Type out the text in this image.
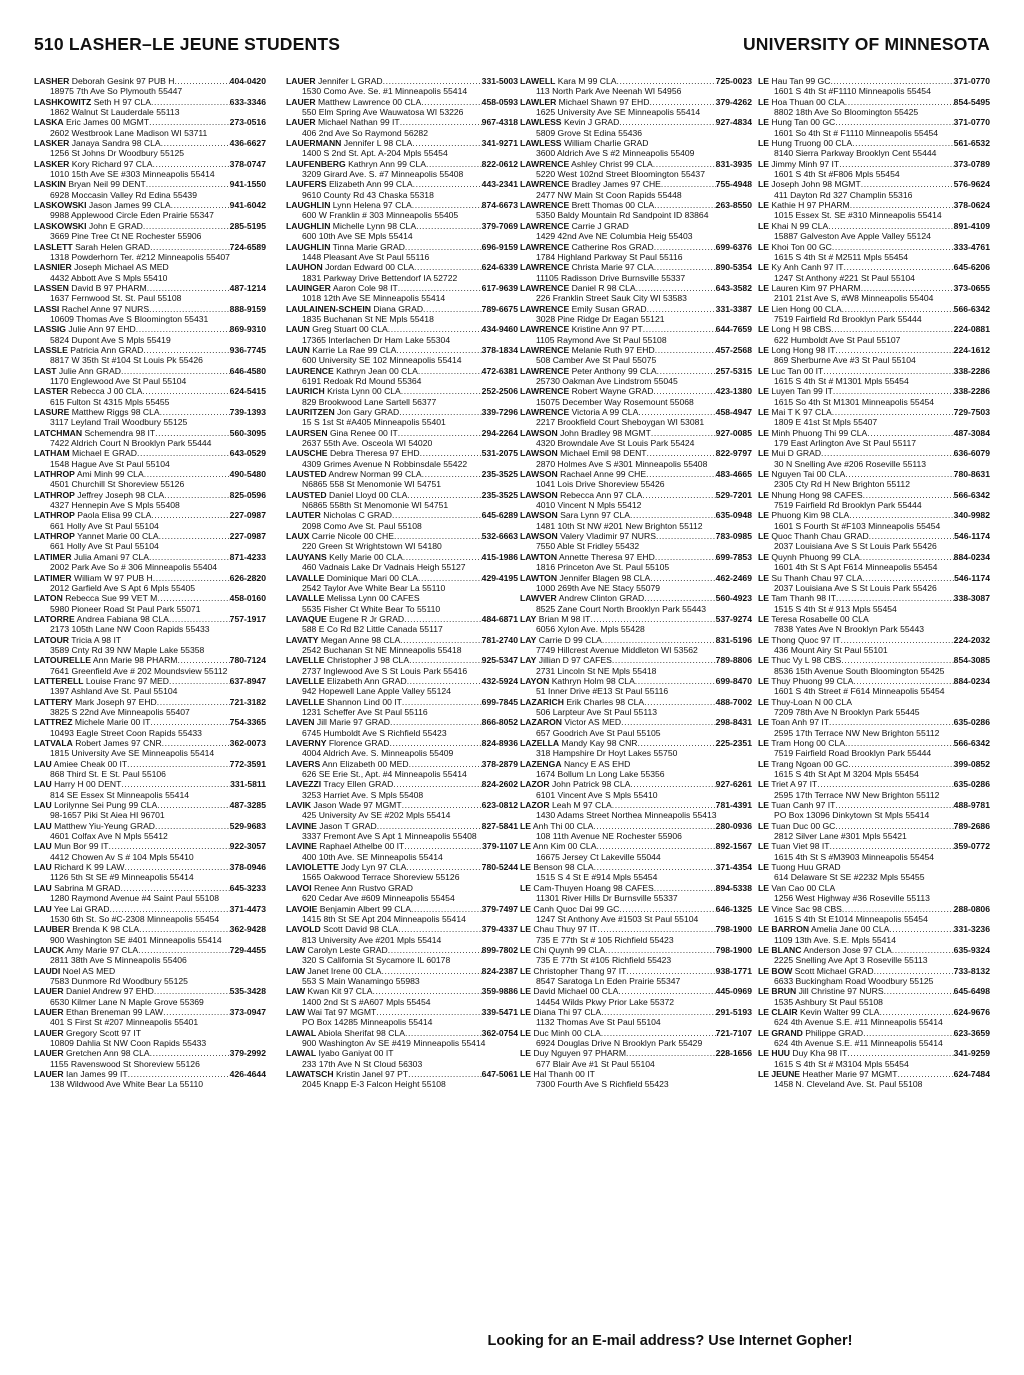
510 LASHER–LE JEUNE STUDENTS	UNIVERSITY OF MINNESOTA
LASHER Deborah Gesink 97 PUB H .....	404-0420
18975 7th Ave So Plymouth 55447
LASHKOWITZ Seth H 97 CLA .....	633-3346
1862 Walnut St Lauderdale 55113
LASKA Eric James 00 MGMT .....	273-0516
2602 Westbrook Lane Madison WI 53711
LASKER Janaya Sandra 98 CLA .....	436-6627
1256 St Johns Dr Woodbury 55125
LASKER Kory Richard 97 CLA .....	378-0747
1010 15th Ave SE #303 Minneapolis 55414
LASKIN Bryan Neil 99 DENT .....	941-1550
6928 Moccasin Valley Rd Edina 55439
LASKOWSKI Jason James 99 CLA .....	941-6042
9988 Applewood Circle Eden Prairie 55347
LASKOWSKI John E GRAD .....	285-5195
3669 Pine Tree Ct NE Rochester 55906
LASLETT Sarah Helen GRAD .....	724-6589
1318 Powderhorn Ter. #212 Minneapolis 55407
LASNIER Joseph Michael AS MED
4432 Abbott Ave S Mpls 55410
LASSEN David B 97 PHARM .....	487-1214
1637 Fernwood St. St. Paul 55108
LASSI Rachel Anne 97 NURS .....	888-9159
10609 Thomas Ave S Bloomington 55431
LASSIG Julie Ann 97 EHD .....	869-9310
5824 Dupont Ave S Mpls 55419
LASSLE Patricia Ann GRAD .....	936-7745
8817 W 35th St #104 St Louis Pk 55426
LAST Julie Ann GRAD .....	646-4580
1170 Englewood Ave St Paul 55104
LASTER Rebecca J 00 CLA .....	624-5415
615 Fulton St 4315 Mpls 55455
LASURE Matthew Riggs 98 CLA .....	739-1393
3117 Leyland Trail Woodbury 55125
LATCHMAN Schemendra 98 IT .....	560-3095
7422 Aldrich Court N Brooklyn Park 55444
LATHAM Michael E GRAD .....	643-0529
1548 Hague Ave St Paul 55104
LATHROP Ami Minh 99 CLA .....	490-5480
4501 Churchill St Shoreview 55126
LATHROP Jeffrey Joseph 98 CLA .....	825-0596
4327 Hennepin Ave S Mpls 55408
LATHROP Paola Elisa 99 CLA .....	227-0987
661 Holly Ave St Paul 55104
LATHROP Yannet Marie 00 CLA .....	227-0987
661 Holly Ave St Paul 55104
LATIMER Julia Amani 97 CLA .....	871-4233
2002 Park Ave So # 306 Minneapolis 55404
LATIMER William W 97 PUB H .....	626-2820
2012 Garfield Ave S Apt 6 Mpls 55405
LATON Rebecca Sue 99 VET M .....	458-0160
5980 Pioneer Road St Paul Park 55071
LATORRE Andrea Fabiana 98 CLA .....	757-1917
2173 105th Lane NW Coon Rapids 55433
LATOUR Tricia A 98 IT
3589 Cnty Rd 39 NW Maple Lake 55358
LATOURELLE Ann Marie 98 PHARM .....	780-7124
7641 Greenfield Ave # 202 Moundsview 55112
LATTERELL Louise Franc 97 MED .....	637-8947
1397 Ashland Ave St. Paul 55104
LATTERY Mark Joseph 97 EHD .....	721-3182
3825 S 22nd Ave Minneapolis 55407
LATTREZ Michele Marie 00 IT .....	754-3365
10493 Eagle Street Coon Rapids 55433
LATVALA Robert James 97 CNR .....	362-0073
1815 University Ave SE Minneapolis 55414
LAU Amiee Cheak 00 IT .....	772-3591
868 Third St. E St. Paul 55106
LAU Harry H 00 DENT .....	331-5811
814 SE Essex St Minneapolis 55414
LAU Lorilynne Sei Pung 99 CLA .....	487-3285
98-1657 Piki St Aiea HI 96701
LAU Matthew Yiu-Yeung GRAD .....	529-9683
4601 Colfax Ave N Mpls 55412
LAU Mun Bor 99 IT .....	922-3057
4412 Chowen Av S # 104 Mpls 55410
LAU Richard K 99 LAW .....	378-0946
1126 5th St SE #9 Minneapolis 55414
LAU Sabrina M GRAD .....	645-3233
1280 Raymond Avenue #4 Saint Paul 55108
LAU Yee Lai GRAD .....	371-4473
1530 6th St. So #C-2308 Minneapolis 55454
LAUBER Brenda K 98 CLA .....	362-9428
900 Washington SE #401 Minneapolis 55414
LAUCK Amy Marie 97 CLA .....	729-4455
2811 38th Ave S Minneapolis 55406
LAUDI Noel AS MED
7583 Dunmore Rd Woodbury 55125
LAUER Daniel Andrew 97 EHD .....	535-3428
6530 Kilmer Lane N Maple Grove 55369
LAUER Ethan Breneman 99 LAW .....	373-0947
401 S First St #207 Minneapolis 55401
LAUER Gregory Scott 97 IT
10809 Dahlia St NW Coon Rapids 55433
LAUER Gretchen Ann 98 CLA .....	379-2992
1155 Ravenswood St Shoreview 55126
LAUER Ian James 99 IT .....	426-4644
138 Wildwood Ave White Bear La 55110
LAUER Jennifer L GRAD .....	331-5003
1530 Como Ave. Se. #1 Minneapolis 55414
LAUER Matthew Lawrence 00 CLA .....	458-0593
550 Elm Spring Ave Wauwatosa WI 53226
LAUER Michael Nathan 99 IT .....	967-4318
406 2nd Ave So Raymond 56282
LAUERMANN Jennifer L 98 CLA .....	341-9271
1400 S 2nd St. Apt. A-204 Mpls 55454
LAUFENBERG Kathryn Ann 99 CLA .....	822-0612
3209 Girard Ave. S. #7 Minneapolis 55408
LAUFERS Elizabeth Ann 99 CLA .....	443-2341
9610 County Rd 43 Chaska 55318
LAUGHLIN Lynn Helena 97 CLA .....	874-6673
600 W Franklin # 303 Minneapolis 55405
LAUGHLIN Michelle Lynn 98 CLA .....	379-7069
600 10th Ave SE Mpls 55414
LAUGHLIN Tinna Marie GRAD .....	696-9159
1448 Pleasant Ave St Paul 55116
LAUHON Jordan Edward 00 CLA .....	624-6339
1831 Parkway Drive Bettendorf IA 52722
LAUINGER Aaron Cole 98 IT .....	617-9639
1018 12th Ave SE Minneapolis 55414
LAULAINEN-SCHEIN Diana GRAD .....	789-6675
1835 Buchanan St NE Mpls 55418
LAUN Greg Stuart 00 CLA .....	434-9460
17365 Interlachen Dr Ham Lake 55304
LAUN Karrie La Rae 99 CLA .....	378-1834
600 University SE 102 Minneapolis 55414
LAURENCE Kathryn Jean 00 CLA .....	472-6381
6191 Redoak Rd Mound 55364
LAURICH Krista Lynn 00 CLA .....	252-2506
829 Brookwood Lane Sartell 56377
LAURITZEN Jon Gary GRAD .....	339-7296
15 S 1st St #A405 Minneapolis 55401
LAURSEN Gina Renee 00 IT .....	294-2264
2637 55th Ave. Osceola WI 54020
LAUSCHE Debra Theresa 97 EHD .....	531-2075
4309 Grimes Avenue N Robbinsdale 55422
LAUSTED Andrew Norman 99 CLA .....	235-3525
N6865 558 St Menomonie WI 54751
LAUSTED Daniel Lloyd 00 CLA .....	235-3525
N6865 558th St Menomonie WI 54751
LAUTER Nicholas C GRAD .....	645-6289
2098 Como Ave St. Paul 55108
LAUX Carrie Nicole 00 CHE .....	532-6663
220 Green St Wrightstown WI 54180
LAUYANS Kelly Marie 00 CLA .....	415-1986
460 Vadnais Lake Dr Vadnais Heigh 55127
LAVALLE Dominique Mari 00 CLA .....	429-4195
2542 Taylor Ave White Bear La 55110
LAVALLE Melissa Lynn 00 CAFES
5535 Fisher Ct White Bear To 55110
LAVAQUE Eugene R Jr GRAD .....	484-6871
588 E Co Rd B2 Little Canada 55117
LAVATY Megan Anne 98 CLA .....	781-2740
2542 Buchanan St NE Minneapolis 55418
LAVELLE Christopher J 98 CLA .....	925-5347
2737 Inglewood Ave S St Louis Park 55416
LAVELLE Elizabeth Ann GRAD .....	432-5924
942 Hopewell Lane Apple Valley 55124
LAVELLE Shannon Lind 00 IT .....	699-7845
1231 Scheffer Ave St Paul 55116
LAVEN Jill Marie 97 GRAD .....	866-8052
6745 Humboldt Ave S Richfield 55423
LAVERNY Florence GRAD .....	824-8936
4004 Aldrich Ave. S. Minneapolis 55409
LAVERS Ann Elizabeth 00 MED .....	378-2879
626 SE Erie St., Apt. #4 Minneapolis 55414
LAVEZZI Tracy Ellen GRAD .....	824-2602
3253 Harriet Ave. S Mpls 55408
LAVIK Jason Wade 97 MGMT .....	623-0812
425 University Av SE #202 Mpls 55414
LAVINE Jason T GRAD .....	827-5841
3337 Fremont Ave S Apt 1 Minneapolis 55408
LAVINE Raphael Athelbe 00 IT .....	379-1107
400 10th Ave. SE Minneapolis 55414
LAVIOLETTE Jody Lyn 97 CLA .....	780-5244
1565 Oakwood Terrace Shoreview 55126
LAVOI Renee Ann Rustvo GRAD
620 Cedar Ave #609 Minneapolis 55454
LAVOIE Benjamin Albert 99 CLA .....	379-7497
1415 8th St SE Apt 204 Minneapolis 55414
LAVOLD Scott David 98 CLA .....	379-4337
813 University Ave #201 Mpls 55414
LAW Carolyn Leste GRAD .....	899-7802
320 S California St Sycamore IL 60178
LAW Janet Irene 00 CLA .....	824-2387
553 S Main Wanamingo 55983
LAW Kwan Kit 97 CLA .....	359-9886
1400 2nd St S #A607 Mpls 55454
LAW Wai Tat 97 MGMT .....	339-5471
PO Box 14285 Minneapolis 55414
LAWAL Abiola Sherifat 98 CLA .....	362-0754
900 Washington Av SE #419 Minneapolis 55414
LAWAL Iyabo Ganiyat 00 IT
233 17th Ave N St Cloud 56303
LAWATSCH Kristin Janel 97 PT .....	647-5061
2045 Knapp E-3 Falcon Height 55108
LAWELL Kara M 99 CLA .....	725-0023
113 North Park Ave Neenah WI 54956
LAWLER Michael Shawn 97 EHD .....	379-4262
1625 University Ave SE Minneapolis 55414
LAWLESS Kevin J GRAD .....	927-4834
5809 Grove St Edina 55436
LAWLESS William Charlie GRAD
3600 Aldrich Ave S #2 Minneapolis 55409
LAWRENCE Ashley Christ 99 CLA .....	831-3935
5220 West 102nd Street Bloomington 55437
LAWRENCE Bradley James 97 CHE .....	755-4948
2477 NW Main St Coon Rapids 55448
LAWRENCE Brett Thomas 00 CLA .....	263-8550
5350 Baldy Mountain Rd Sandpoint ID 83864
LAWRENCE Carrie J GRAD
1429 42nd Ave NE Columbia Heig 55403
LAWRENCE Catherine Ros GRAD .....	699-6376
1784 Highland Parkway St Paul 55116
LAWRENCE Christa Marie 97 CLA .....	890-5354
11105 Radisson Drive Burnsville 55337
LAWRENCE Daniel R 98 CLA .....	643-3582
226 Franklin Street Sauk City WI 53583
LAWRENCE Emily Susan GRAD .....	331-3387
3028 Pine Ridge Dr Eagan 55121
LAWRENCE Kristine Ann 97 PT .....	644-7659
1105 Raymond Ave St Paul 55108
LAWRENCE Melanie Ruth 97 EHD .....	457-2568
508 Camber Ave St Paul 55075
LAWRENCE Peter Anthony 99 CLA .....	257-5315
25730 Oakman Ave Lindstrom 55045
LAWRENCE Robert Wayne GRAD .....	423-1380
15075 December Way Rosemount 55068
LAWRENCE Victoria A 99 CLA .....	458-4947
2217 Brookfield Court Sheboygan WI 53081
LAWSON John Bradley 98 MGMT .....	927-0085
4320 Browndale Ave St Louis Park 55424
LAWSON Michael Emil 98 DENT .....	822-9797
2870 Holmes Ave S #301 Minneapolis 55408
LAWSON Rachael Anne 99 CHE .....	483-4665
1041 Lois Drive Shoreview 55426
LAWSON Rebecca Ann 97 CLA .....	529-7201
4010 Vincent N Mpls 55412
LAWSON Sara Lynn 97 CLA .....	635-0948
1481 10th St NW #201 New Brighton 55112
LAWSON Valery Vladimir 97 NURS .....	783-0985
7550 Able St Fridley 55432
LAWTON Annette Theresa 97 EHD .....	699-7853
1816 Princeton Ave St. Paul 55105
LAWTON Jennifer Blagen 98 CLA .....	462-2469
1000 269th Ave NE Stacy 55079
LAWVER Andrew Clinton GRAD .....	560-4923
8525 Zane Court North Brooklyn Park 55443
LAY Brian M 98 IT .....	537-9274
6056 Xylon Ave. Mpls 55428
LAY Carrie D 99 CLA .....	831-5196
7749 Hillcrest Avenue Middleton WI 53562
LAY Jillian D 97 CAFES .....	789-8806
2731 Lincoln St NE Mpls 55418
LAYON Kathryn Holm 98 CLA .....	699-8470
51 Inner Drive #E13 St Paul 55116
LAZARICH Erik Charles 98 CLA .....	488-7002
506 Larpteur Ave St Paul 55113
LAZARON Victor AS MED .....	298-8431
657 Goodrich Ave St Paul 55105
LAZELLA Mandy Kay 98 CNR .....	225-2351
318 Hampshire Dr Hoyt Lakes 55750
LAZENGA Nancy E AS EHD
1674 Bollum Ln Long Lake 55356
LAZOR John Patrick 98 CLA .....	927-6261
6101 Vincent Ave S Mpls 55410
LAZOR Leah M 97 CLA .....	781-4391
1430 Adams Street Northea Minneapolis 55413
LE Anh Thi 00 CLA .....	280-0936
108 11th Avenue NE Rochester 55906
LE Ann Kim 00 CLA .....	892-1567
16675 Jersey Ct Lakeville 55044
LE Benson 98 CLA .....	371-4354
1515 S 4 St E #914 Mpls 55454
LE Cam-Thuyen Hoang 98 CAFES .....	894-5338
11301 River Hills Dr Burnsville 55337
LE Canh Quoc Dai 99 GC .....	646-1325
1247 St Anthony Ave #1503 St Paul 55104
LE Chau Thuy 97 IT .....	798-1900
735 E 77th St # 105 Richfield 55423
LE Chi Quynh 99 CLA .....	798-1900
735 E 77th St #105 Richfield 55423
LE Christopher Thang 97 IT .....	938-1771
8547 Saratoga Ln Eden Prairie 55347
LE David Michael 00 CLA .....	445-0969
14454 Wilds Pkwy Prior Lake 55372
LE Diana Thi 97 CLA .....	291-5193
1132 Thomas Ave St Paul 55104
LE Duc Minh 00 CLA .....	721-7107
6924 Douglas Drive N Brooklyn Park 55429
LE Duy Nguyen 97 PHARM .....	228-1656
677 Blair Ave #1 St Paul 55104
LE Hal Thanh 00 IT
7300 Fourth Ave S Richfield 55423
LE Hau Tan 99 GC .....	371-0770
1601 S 4th St #F1110 Minneapolis 55454
LE Hoa Thuan 00 CLA .....	854-5495
8802 18th Ave So Bloomington 55425
LE Hung Tan 00 GC .....	371-0770
1601 So 4th St # F1110 Minneapolis 55454
LE Hung Truong 00 CLA .....	561-6532
8140 Sierra Parkway Brooklyn Cent 55444
LE Jimmy Minh 97 IT .....	373-0789
1601 S 4th St #F806 Mpls 55454
LE Joseph John 98 MGMT .....	576-9624
411 Dayton Rd 327 Champlin 55316
LE Kathie H 97 PHARM .....	378-0624
1015 Essex St. SE #310 Minneapolis 55414
LE Khai N 99 CLA .....	891-4109
15887 Galveston Ave Apple Valley 55124
LE Khoi Ton 00 GC .....	333-4761
1615 S 4th St # M2511 Mpls 55454
LE Ky Anh Canh 97 IT .....	645-6206
1247 St Anthony #221 St Paul 55104
LE Lauren Kim 97 PHARM .....	373-0655
2101 21st Ave S, #W8 Minneapolis 55404
LE Lien Hong 00 CLA .....	566-6342
7519 Fairfield Rd Brooklyn Park 55444
LE Long H 98 CBS .....	224-0881
622 Humboldt Ave St Paul 55107
LE Long Hong 98 IT .....	224-1612
869 Sherburne Ave #3 St Paul 55104
LE Luc Tan 00 IT .....	338-2286
1615 S 4th St # M1301 Mpls 55454
LE Luyen Tan 99 IT .....	338-2286
1615 So 4th St M1301 Minneapolis 55454
LE Mai T K 97 CLA .....	729-7503
1809 E 41st St Mpls 55407
LE Minh Phuong Thi 99 CLA .....	487-3084
179 East Arlington Ave St Paul 55117
LE Mui D GRAD .....	636-6079
30 N Snelling Ave #206 Roseville 55113
LE Nguyen Tai 00 CLA .....	780-8631
2305 Cty Rd H New Brighton 55112
LE Nhung Hong 98 CAFES .....	566-6342
7519 Fairfield Rd Brooklyn Park 55444
LE Phuong Kim 98 CLA .....	340-9982
1601 S Fourth St #F103 Minneapolis 55454
LE Quoc Thanh Chau GRAD .....	546-1174
2037 Louisiana Ave S St Louis Park 55426
LE Quynh Phuong 99 CLA .....	884-0234
1601 4th St S Apt F614 Minneapolis 55454
LE Su Thanh Chau 97 CLA .....	546-1174
2037 Louisiana Ave S St Louis Park 55426
LE Tam Thanh 98 IT .....	338-3087
1515 S 4th St # 913 Mpls 55454
LE Teresa Rosabelle 00 CLA
7838 Yates Ave N Brooklyn Park 55443
LE Thong Quoc 97 IT .....	224-2032
436 Mount Airy St Paul 55101
LE Thuc Vy L 98 CBS .....	854-3085
8536 15th Avenue South Bloomington 55425
LE Thuy Phuong 99 CLA .....	884-0234
1601 S 4th Street # F614 Minneapolis 55454
LE Thuy-Loan N 00 CLA
7209 78th Ave N Brooklyn Park 55445
LE Toan Anh 97 IT .....	635-0286
2595 17th Terrace NW New Brighton 55112
LE Tram Hong 00 CLA .....	566-6342
7519 Fairfield Road Brooklyn Park 55444
LE Trang Ngoan 00 GC .....	399-0852
1615 S 4th St Apt M 3204 Mpls 55454
LE Triet A 97 IT .....	635-0286
2595 17th Terrace NW New Brighton 55112
LE Tuan Canh 97 IT .....	488-9781
PO Box 13096 Dinkytown St Mpls 55414
LE Tuan Duc 00 GC .....	789-2686
2812 Silver Lane #301 Mpls 55421
LE Tuan Viet 98 IT .....	359-0772
1615 4th St S #M3903 Minneapolis 55454
LE Tuong Huu GRAD
614 Delaware St SE #2232 Mpls 55455
LE Van Cao 00 CLA
1256 West Highway #36 Roseville 55113
LE Vince Sac 98 CBS .....	288-0806
1615 S 4th St E1014 Minneapolis 55454
LE BARRON Amelia Jane 00 CLA .....	331-3236
1109 13th Ave. S.E. Mpls 55414
LE BLANC Anderson Jose 97 CLA .....	635-9324
2225 Snelling Ave Apt 3 Roseville 55113
LE BOW Scott Michael GRAD .....	733-8132
6633 Buckingham Road Woodbury 55125
LE BRUN Jill Christine 97 NURS .....	645-6498
1535 Ashbury St Paul 55108
LE CLAIR Kevin Walter 99 CLA .....	624-9676
624 4th Avenue S.E. #11 Minneapolis 55414
LE GRAND Philippe GRAD .....	623-3659
624 4th Avenue S.E. #11 Minneapolis 55414
LE HUU Duy Kha 98 IT .....	341-9259
1615 S 4th St # M3104 Mpls 55454
LE JEUNE Heather Marie 97 MGMT .....	624-7484
1458 N. Cleveland Ave. St. Paul 55108
Looking for an E-mail address? Use Internet Gopher!
